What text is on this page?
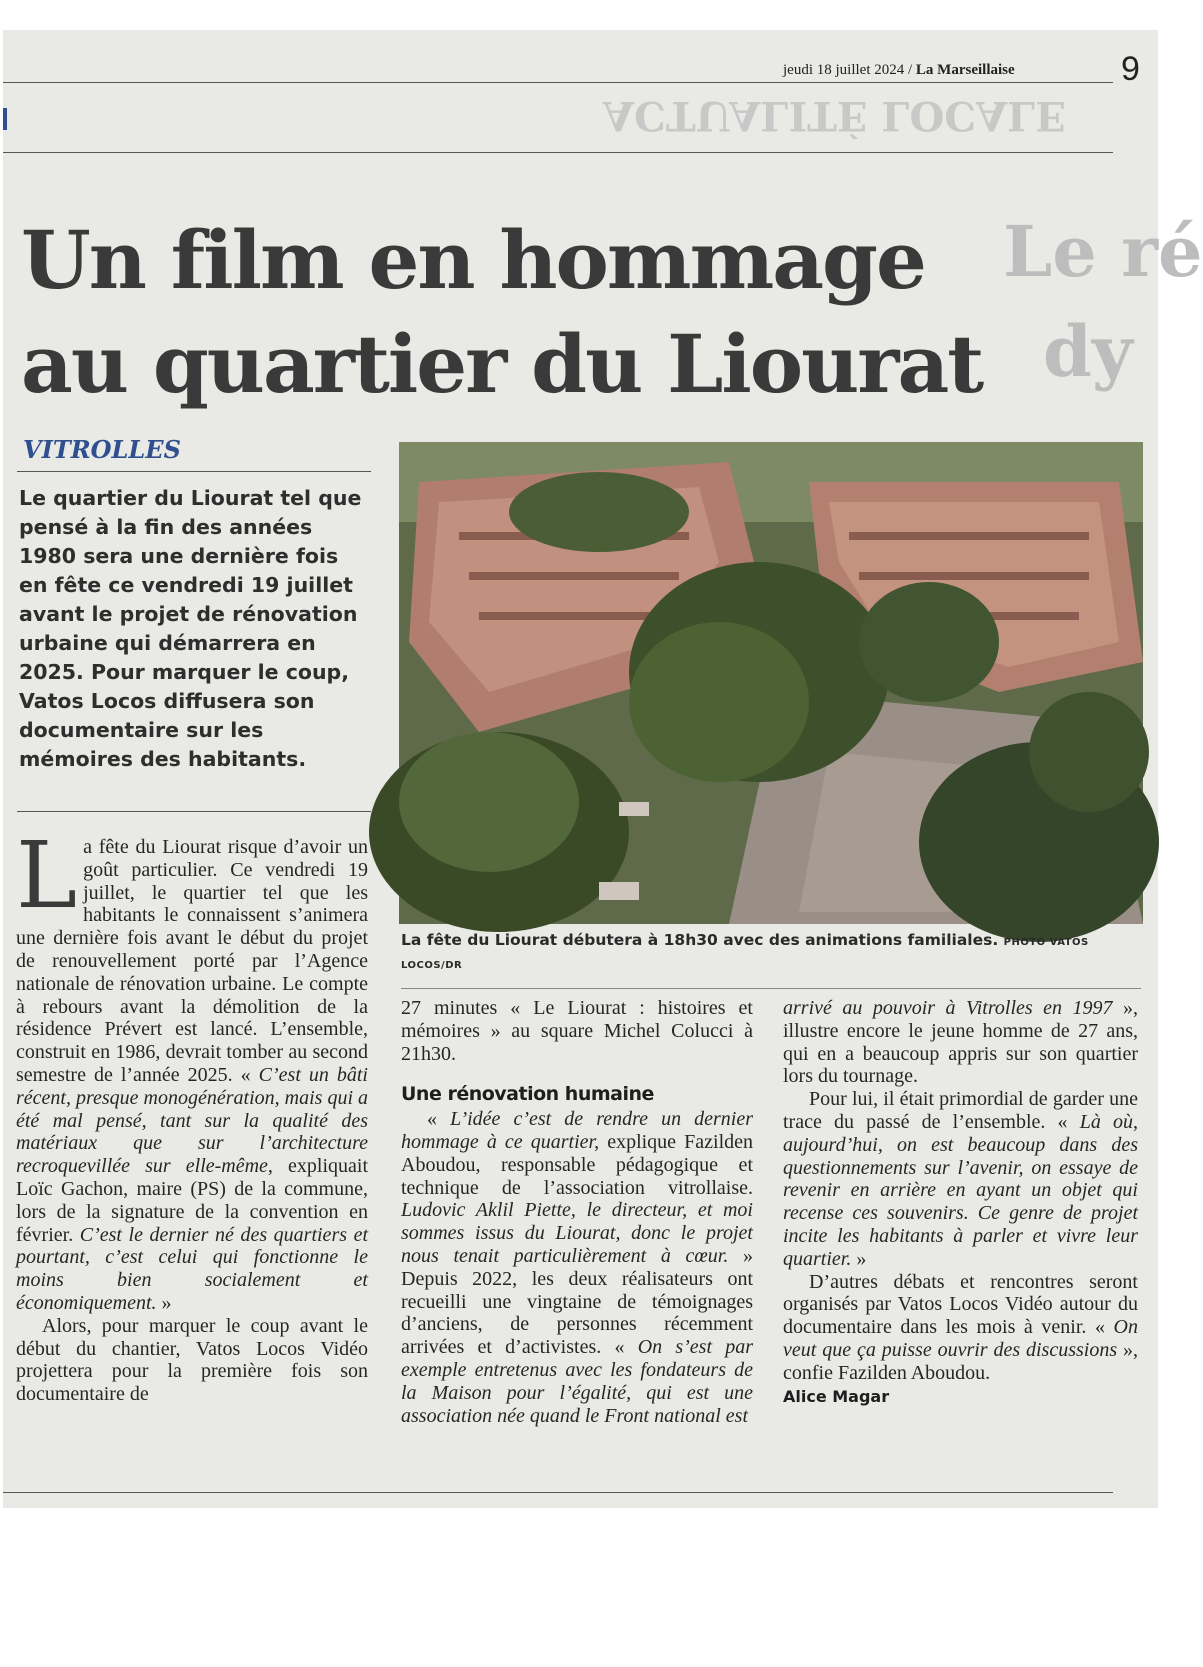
9
jeudi 18 juillet 2024 / La Marseillaise
ACTUALITÉ LOCALE
Le ré
dy
Un film en hommage
au quartier du Liourat
VITROLLES
Le quartier du Liourat tel que pensé à la fin des années 1980 sera une dernière fois en fête ce vendredi 19 juillet avant le projet de rénovation urbaine qui démarrera en 2025. Pour marquer le coup, Vatos Locos diffusera son documentaire sur les mémoires des habitants.
La fête du Liourat débutera à 18h30 avec des animations familiales. PHOTO VATOS LOCOS/DR

La fête du Liourat risque d’avoir un goût particulier. Ce vendredi 19 juillet, le quartier tel que les habitants le connaissent s’animera une dernière fois avant le début du projet de renouvellement porté par l’Agence nationale de rénovation urbaine. Le compte à rebours avant la démolition de la résidence Prévert est lancé. L’ensemble, construit en 1986, devrait tomber au second semestre de l’année 2025. « C’est un bâti récent, presque monogénération, mais qui a été mal pensé, tant sur la qualité des matériaux que sur l’architecture recroquevillée sur elle-même, expliquait Loïc Gachon, maire (PS) de la commune, lors de la signature de la convention en février. C’est le dernier né des quartiers et pourtant, c’est celui qui fonctionne le moins bien socialement et économiquement. »

Alors, pour marquer le coup avant le début du chantier, Vatos Locos Vidéo projettera pour la première fois son documentaire de

27 minutes « Le Liourat : histoires et mémoires » au square Michel Colucci à 21h30.

Une rénovation humaine

« L’idée c’est de rendre un dernier hommage à ce quartier, explique Fazilden Aboudou, responsable pédagogique et technique de l’association vitrollaise. Ludovic Aklil Piette, le directeur, et moi sommes issus du Liourat, donc le projet nous tenait particulièrement à cœur. » Depuis 2022, les deux réalisateurs ont recueilli une vingtaine de témoignages d’anciens, de personnes récemment arrivées et d’activistes. « On s’est par exemple entretenus avec les fondateurs de la Maison pour l’égalité, qui est une association née quand le Front national est

arrivé au pouvoir à Vitrolles en 1997 », illustre encore le jeune homme de 27 ans, qui en a beaucoup appris sur son quartier lors du tournage.

Pour lui, il était primordial de garder une trace du passé de l’ensemble. « Là où, aujourd’hui, on est beaucoup dans des questionnements sur l’avenir, on essaye de revenir en arrière en ayant un objet qui recense ces souvenirs. Ce genre de projet incite les habitants à parler et vivre leur quartier. »

D’autres débats et rencontres seront organisés par Vatos Locos Vidéo autour du documentaire dans les mois à venir. « On veut que ça puisse ouvrir des discussions », confie Fazilden Aboudou.

Alice Magar
